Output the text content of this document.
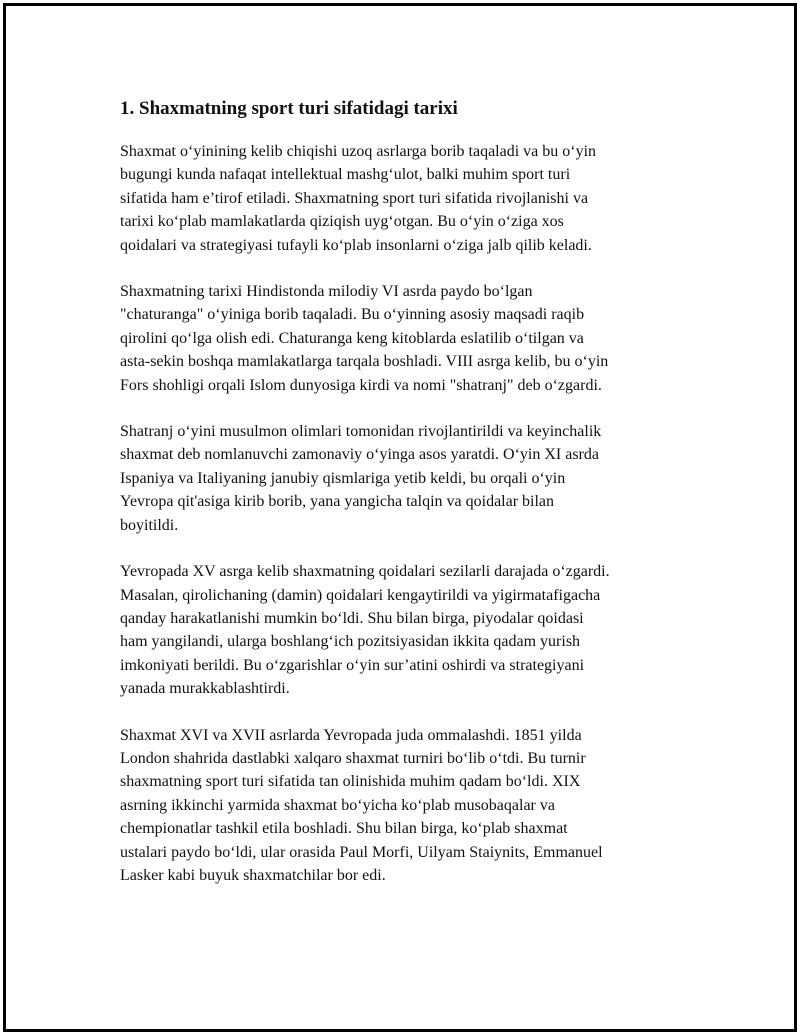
1. Shaxmatning sport turi sifatidagi tarixi

Shaxmat o‘yinining kelib chiqishi uzoq asrlarga borib taqaladi va bu o‘yin
bugungi kunda nafaqat intellektual mashg‘ulot, balki muhim sport turi
sifatida ham e’tirof etiladi. Shaxmatning sport turi sifatida rivojlanishi va
tarixi ko‘plab mamlakatlarda qiziqish uyg‘otgan. Bu o‘yin o‘ziga xos
qoidalari va strategiyasi tufayli ko‘plab insonlarni o‘ziga jalb qilib keladi.

Shaxmatning tarixi Hindistonda milodiy VI asrda paydo bo‘lgan
"chaturanga" o‘yiniga borib taqaladi. Bu o‘yinning asosiy maqsadi raqib
qirolini qo‘lga olish edi. Chaturanga keng kitoblarda eslatilib o‘tilgan va
asta-sekin boshqa mamlakatlarga tarqala boshladi. VIII asrga kelib, bu o‘yin
Fors shohligi orqali Islom dunyosiga kirdi va nomi "shatranj" deb o‘zgardi.

Shatranj o‘yini musulmon olimlari tomonidan rivojlantirildi va keyinchalik
shaxmat deb nomlanuvchi zamonaviy o‘yinga asos yaratdi. O‘yin XI asrda
Ispaniya va Italiyaning janubiy qismlariga yetib keldi, bu orqali o‘yin
Yevropa qit'asiga kirib borib, yana yangicha talqin va qoidalar bilan
boyitildi.

Yevropada XV asrga kelib shaxmatning qoidalari sezilarli darajada o‘zgardi.
Masalan, qirolichaning (damin) qoidalari kengaytirildi va yigirmatafigacha
qanday harakatlanishi mumkin bo‘ldi. Shu bilan birga, piyodalar qoidasi
ham yangilandi, ularga boshlang‘ich pozitsiyasidan ikkita qadam yurish
imkoniyati berildi. Bu o‘zgarishlar o‘yin sur’atini oshirdi va strategiyani
yanada murakkablashtirdi.

Shaxmat XVI va XVII asrlarda Yevropada juda ommalashdi. 1851 yilda
London shahrida dastlabki xalqaro shaxmat turniri bo‘lib o‘tdi. Bu turnir
shaxmatning sport turi sifatida tan olinishida muhim qadam bo‘ldi. XIX
asrning ikkinchi yarmida shaxmat bo‘yicha ko‘plab musobaqalar va
chempionatlar tashkil etila boshladi. Shu bilan birga, ko‘plab shaxmat
ustalari paydo bo‘ldi, ular orasida Paul Morfi, Uilyam Staiynits, Emmanuel
Lasker kabi buyuk shaxmatchilar bor edi.
